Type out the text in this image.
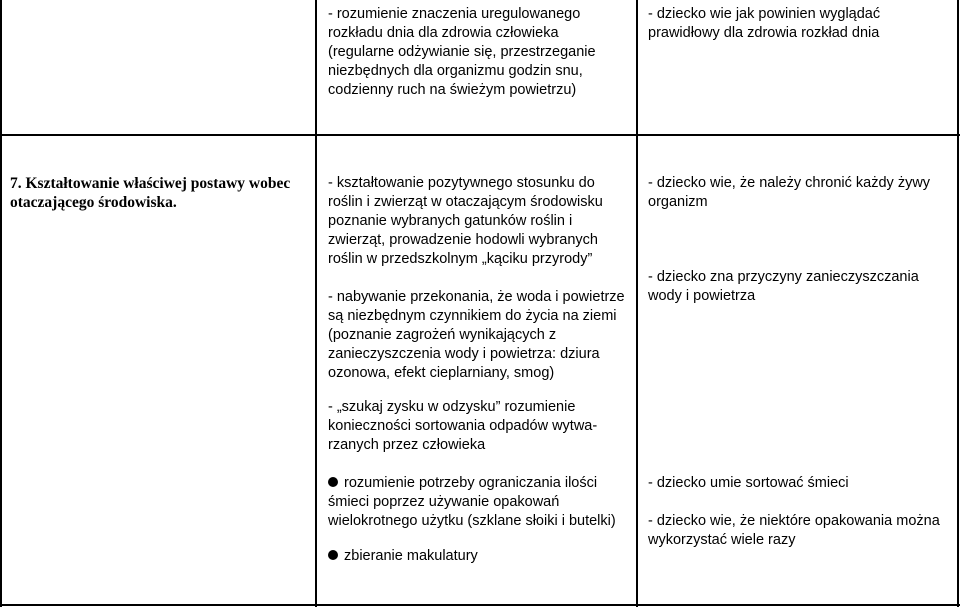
- rozumienie znaczenia uregulowanego
rozkładu dnia dla zdrowia człowieka
(regularne odżywianie się, przestrzeganie
niezbędnych dla organizmu godzin snu,
codzienny ruch na świeżym powietrzu)
- dziecko wie jak powinien wyglądać
prawidłowy dla zdrowia rozkład dnia
7. Kształtowanie właściwej postawy wobec
otaczającego środowiska.
- kształtowanie pozytywnego stosunku do
roślin i zwierząt w otaczającym środowisku
poznanie wybranych gatunków roślin i
zwierząt, prowadzenie hodowli wybranych
roślin w przedszkolnym „kąciku przyrody”
- nabywanie przekonania, że woda i powietrze
są niezbędnym czynnikiem do życia na ziemi
(poznanie zagrożeń wynikających z
zanieczyszczenia wody i powietrza: dziura
ozonowa, efekt cieplarniany, smog)
- „szukaj zysku w odzysku” rozumienie
konieczności sortowania odpadów wytwa-
rzanych przez człowieka
- dziecko wie, że należy chronić każdy żywy
organizm
- dziecko zna przyczyny zanieczyszczania
wody i powietrza
rozumienie potrzeby ograniczania ilości
śmieci poprzez używanie opakowań
wielokrotnego użytku (szklane słoiki i butelki)
zbieranie makulatury
- dziecko umie sortować śmieci
- dziecko wie, że niektóre opakowania można
wykorzystać wiele razy
